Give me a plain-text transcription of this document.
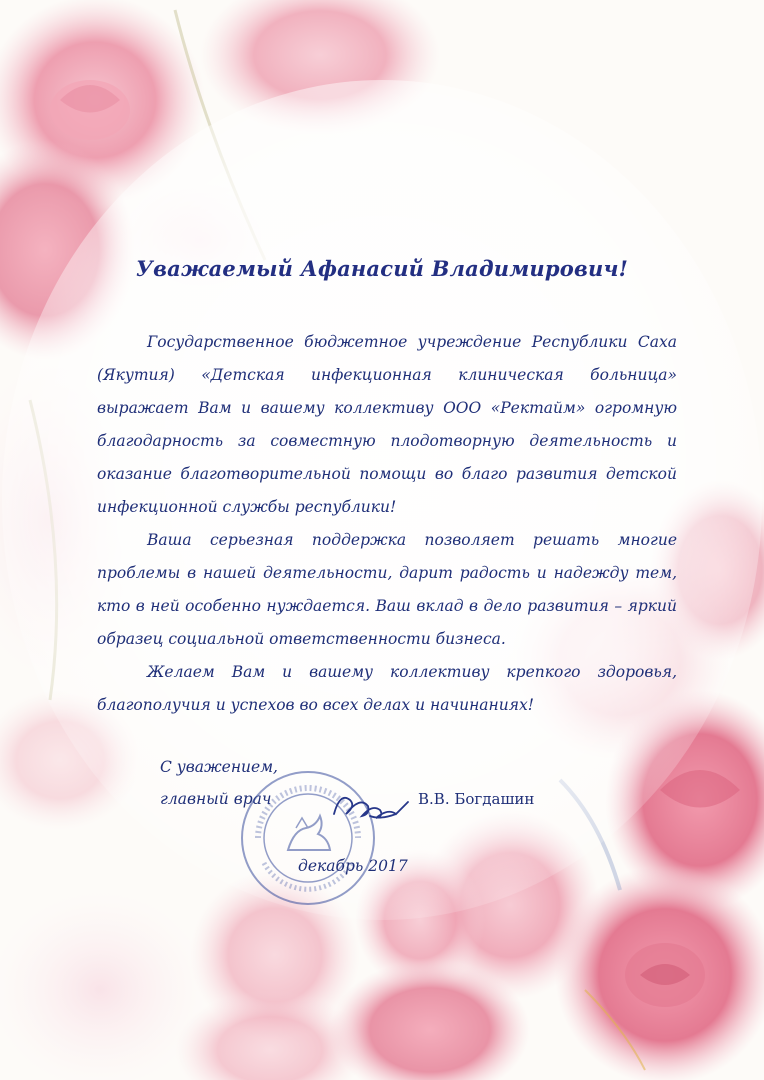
Уважаемый Афанасий Владимирович!

Государственное бюджетное учреждение Республики Саха (Якутия) «Детская инфекционная клиническая больница» выражает Вам и вашему коллективу ООО «Ректайм» огромную благодарность за совместную плодотворную деятельность и оказание благотворительной помощи во благо развития детской инфекционной службы республики!

Ваша серьезная поддержка позволяет решать многие проблемы в нашей деятельности, дарит радость и надежду тем, кто в ней особенно нуждается. Ваш вклад в дело развития – яркий образец социальной ответственности бизнеса.

Желаем Вам и вашему коллективу крепкого здоровья, благополучия и успехов во всех делах и начинаниях!

С уважением,
главный врач	В.В. Богдашин
декабрь 2017
